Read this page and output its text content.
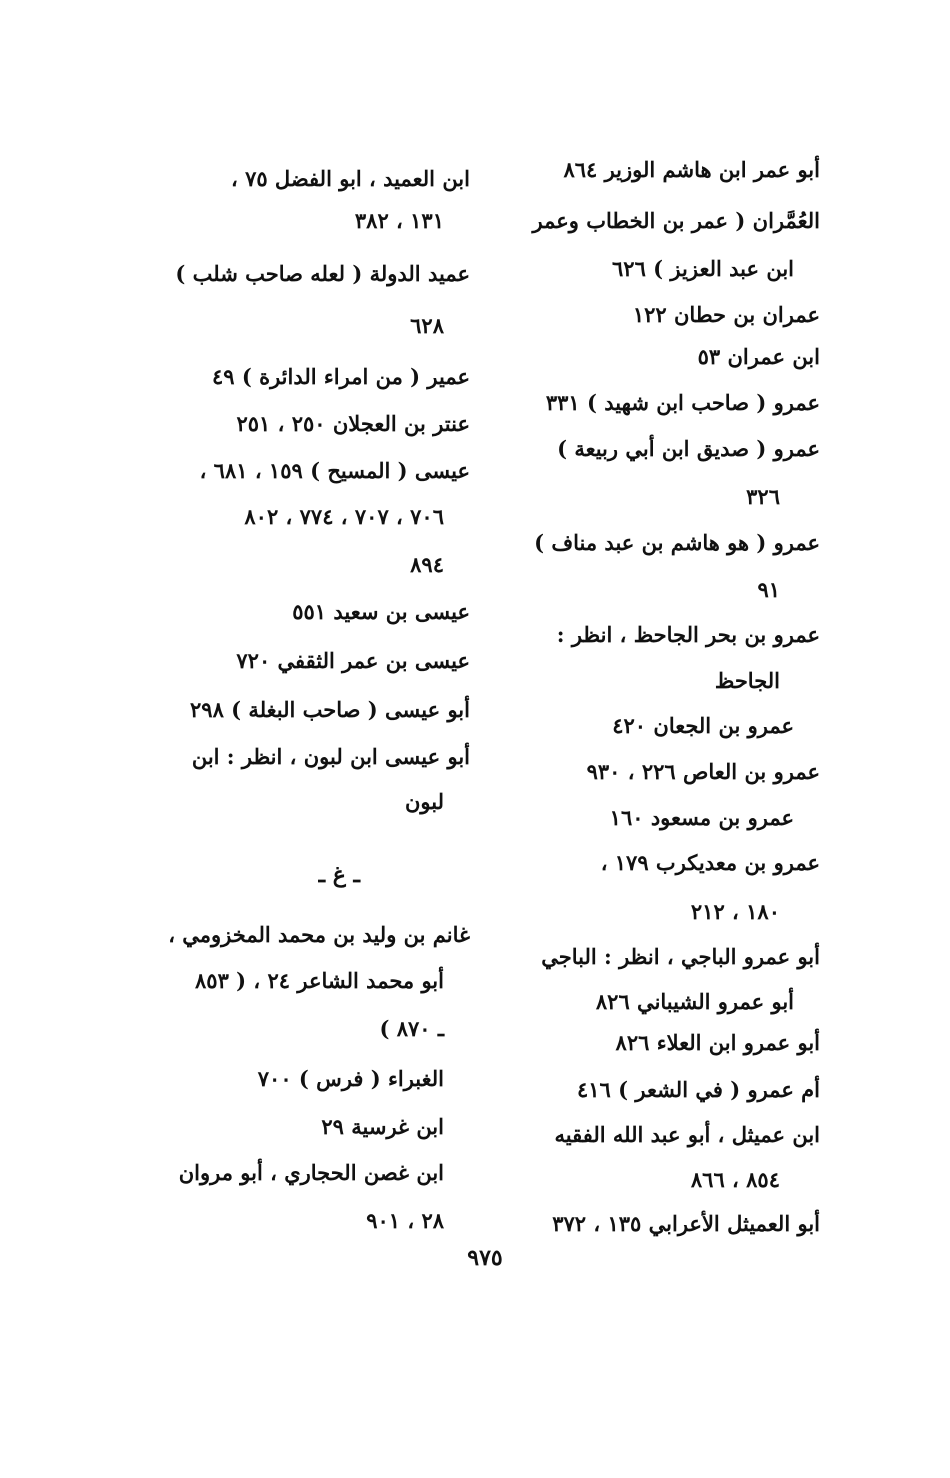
أبو عمر ابن هاشم الوزير ٨٦٤
العُمَّران ( عمر بن الخطاب وعمر
ابن عبد العزيز ) ٦٢٦
عمران بن حطان ١٢٢
ابن عمران ٥٣
عمرو ( صاحب ابن شهيد ) ٣٣١
عمرو ( صديق ابن أبي ربيعة )
٣٢٦
عمرو ( هو هاشم بن عبد مناف )
٩١
عمرو بن بحر الجاحظ ، انظر :
الجاحظ
عمرو بن الجعان ٤٢٠
عمرو بن العاص ٢٢٦ ، ٩٣٠
عمرو بن مسعود ١٦٠
عمرو بن معديكرب ١٧٩ ،
١٨٠ ، ٢١٢
أبو عمرو الباجي ، انظر : الباجي
أبو عمرو الشيباني ٨٢٦
أبو عمرو ابن العلاء ٨٢٦
أم عمرو ( في الشعر ) ٤١٦
ابن عميثل ، أبو عبد الله الفقيه
٨٥٤ ، ٨٦٦
أبو العميثل الأعرابي ١٣٥ ، ٣٧٢
ابن العميد ، ابو الفضل ٧٥ ،
١٣١ ، ٣٨٢
عميد الدولة ( لعله صاحب شلب )
٦٢٨
عمير ( من امراء الدائرة ) ٤٩
عنتر بن العجلان ٢٥٠ ، ٢٥١
عيسى ( المسيح ) ١٥٩ ، ٦٨١ ،
٧٠٦ ، ٧٠٧ ، ٧٧٤ ، ٨٠٢
٨٩٤
عيسى بن سعيد ٥٥١
عيسى بن عمر الثقفي ٧٢٠
أبو عيسى ( صاحب البغلة ) ٢٩٨
أبو عيسى ابن لبون ، انظر : ابن
لبون
ـ غ ـ
غانم بن وليد بن محمد المخزومي ،
أبو محمد الشاعر ٢٤ ، ( ٨٥٣
ـ ٨٧٠ )
الغبراء ( فرس ) ٧٠٠
ابن غرسية ٢٩
ابن غصن الحجاري ، أبو مروان
٢٨ ، ٩٠١
٩٧٥
